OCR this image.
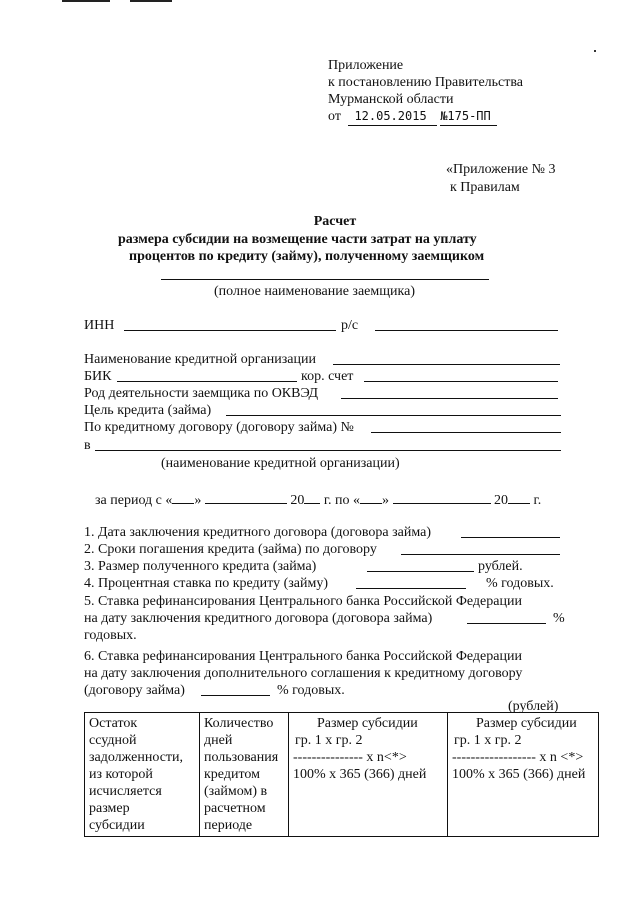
Приложение
к постановлению Правительства
Мурманской области
от 12.05.2015 №175-ПП
«Приложение № 3
к Правилам
Расчет
размера субсидии на возмещение части затрат на уплату
процентов по кредиту (займу), полученному заемщиком
(полное наименование заемщика)
ИНН	р/с
Наименование кредитной организации
БИК	кор. счет
Род деятельности заемщика по ОКВЭД
Цель кредита (займа)
По кредитному договору (договору займа) №
в
(наименование кредитной организации)
за период с « »	20 г. по « »	20 г.
1. Дата заключения кредитного договора (договора займа)
2. Сроки погашения кредита (займа) по договору
3. Размер полученного кредита (займа)	рублей.
4. Процентная ставка по кредиту (займу)	% годовых.
5. Ставка рефинансирования Центрального банка Российской Федерации
на дату заключения кредитного договора (договора займа)	%
годовых.
6. Ставка рефинансирования Центрального банка Российской Федерации
на дату заключения дополнительного соглашения к кредитному договору
(договору займа)	% годовых.
(рублей)
Остаток
ссудной
задолженности,
из которой
исчисляется
размер
субсидии

Количество
дней
пользования
кредитом
(займом) в
расчетном
периоде

Размер субсидии
гр. 1 х гр. 2
--------------- х n<*>
100% х 365 (366) дней

Размер субсидии
гр. 1 х гр. 2
------------------ х n <*>
100% х 365 (366) дней
